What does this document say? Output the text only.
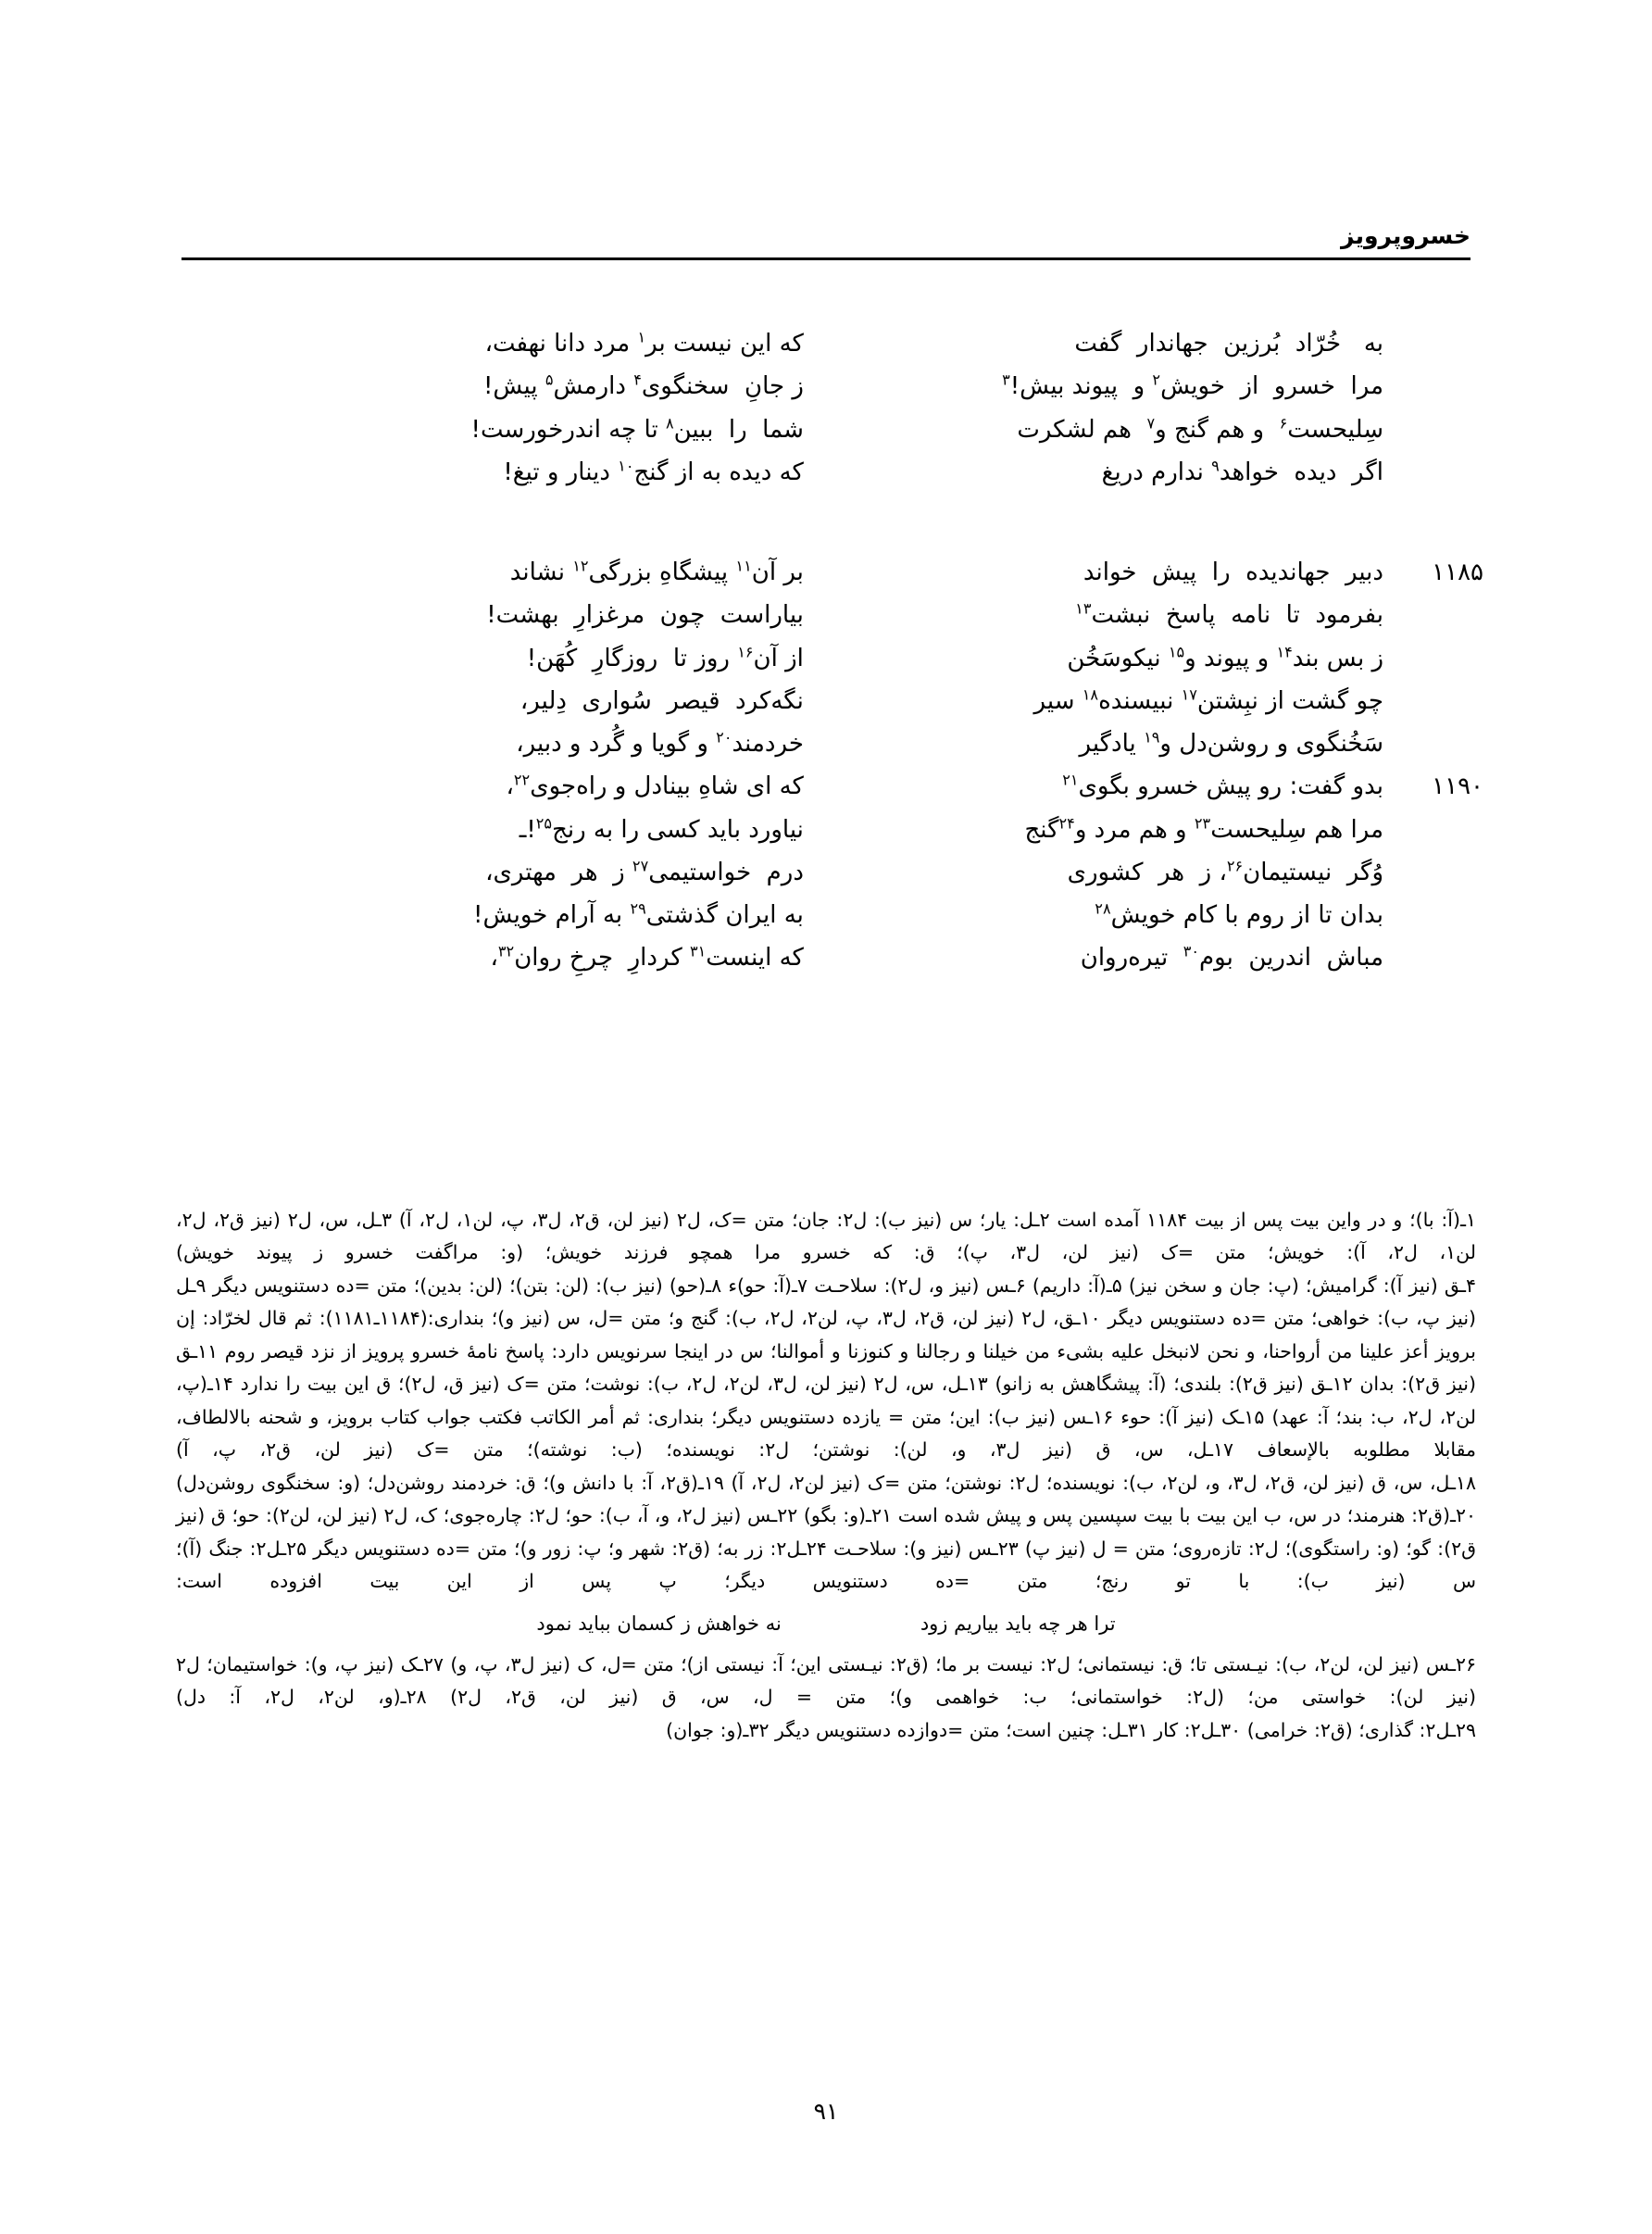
خسروپرویز
به   خُرّاد  بُرزین  جهاندار  گفت
مرا  خسرو  از  خویش$^۲$ و  پیوند بیش!$^۳$
سِلیحست$^۶$  و هم گنج و$^۷$  هم لشکرت
اگر  دیده  خواهد$^۹$ ندارم دریغ
که این نیست بر$^۱$ مرد دانا نهفت،
ز جانِ  سخنگوی$^۴$ دارمش$^۵$ پیش!
شما  را  ببین$^۸$ تا چه اندرخورست!
که دیده به از گنج$^{۱۰}$ دینار و تیغ!
۱۱۸۵
دبیر  جهاندیده  را  پیش  خواند
بفرمود  تا  نامه  پاسخ  نبشت$^{۱۳}$
ز بس بند$^{۱۴}$ و پیوند و$^{۱۵}$ نیکوسَخُن
چو گشت از نبِشتن$^{۱۷}$ نبیسنده$^{۱۸}$ سیر
سَخُنگوی و روشن‌دل و$^{۱۹}$ یادگیر
۱۱۹۰
بدو گفت: رو پیش خسرو بگوی$^{۲۱}$
مرا هم سِلیحست$^{۲۳}$ و هم مرد و$^{۲۴}$گنج
وُگر  نیستیمان$^{۲۶}$، ز  هر  کشوری
بدان تا از روم با کام خویش$^{۲۸}$
مباش  اندرین  بوم$^{۳۰}$  تیره‌روان
بر آن$^{۱۱}$ پیشگاهِ بزرگی$^{۱۲}$ نشاند
بیاراست  چون  مرغزارِ  بهشت!
از آن$^{۱۶}$ روز تا  روزگارِ  کُهَن!
نگه‌کرد  قیصر  سُواری  دِلیر،
خردمند$^{۲۰}$ و گویا و گُرد و دبیر،
که ای شاهِ بینادل و راه‌جوی$^{۲۲}$،
نیاورد باید کسی را به رنج$^{۲۵}$!ـ
درم  خواستیمی$^{۲۷}$ ز  هر  مهتری،
به ایران گذشتی$^{۲۹}$ به آرام خویش!
که اینست$^{۳۱}$ کردارِ  چرخِ روان$^{۳۲}$،

۱ـ(آ: با)؛ و در واین بیت پس از بیت ۱۱۸۴ آمده است ۲ـل: یار؛ س (نیز ب): ل۲: جان؛ متن =ک، ل۲ (نیز لن، ق۲، ل۳، پ، لن۱، ل۲، آ) ۳ـل، س، ل۲ (نیز ق۲، ل۲، لن۱، ل۲، آ): خویش؛ متن =ک (نیز لن، ل۳، پ)؛ ق: که خسرو مرا همچو فرزند خویش؛ (و: مراگفت خسرو ز پیوند خویش)

۴ـق (نیز آ): گرامیش؛ (پ: جان و سخن نیز) ۵ـ(آ: داریم) ۶ـس (نیز و، ل۲): سلاحـت ۷ـ(آ: حو)ء ۸ـ(حو) (نیز ب): (لن: بتن)؛ (لن: بدین)؛ متن =ده دستنویس دیگر ۹ـل (نیز پ، ب): خواهی؛ متن =ده دستنویس دیگر ۱۰ـق، ل۲ (نیز لن، ق۲، ل۳، پ، لن۲، ل۲، ب): گنج و؛ متن =ل، س (نیز و)؛ بنداری:(۱۱۸۴ـ۱۱۸۱): ثم قال لخرّاد: إن برویز أعز علینا من أرواحنا، و نحن لانبخل علیه بشیء من خیلنا و رجالنا و کنوزنا و أموالنا؛ س در اینجا سرنویس دارد: پاسخ نامهٔ خسرو پرویز از نزد قیصر روم ۱۱ـق (نیز ق۲): بدان ۱۲ـق (نیز ق۲): بلندی؛ (آ: پیشگاهش به زانو) ۱۳ـل، س، ل۲ (نیز لن، ل۳، لن۲، ل۲، ب): نوشت؛ متن =ک (نیز ق، ل۲)؛ ق این بیت را ندارد ۱۴ـ(پ، لن۲، ل۲، ب: بند؛ آ: عهد) ۱۵ـک (نیز آ): حوء ۱۶ـس (نیز ب): این؛ متن = یازده دستنویس دیگر؛ بنداری: ثم أمر الکاتب فکتب جواب کتاب برویز، و شحنه بالالطاف، مقابلا مطلوبه بالإسعاف ۱۷ـل، س، ق (نیز ل۳، و، لن): نوشتن؛ ل۲: نویسنده؛ (ب: نوشته)؛ متن =ک (نیز لن، ق۲، پ، آ)

۱۸ـل، س، ق (نیز لن، ق۲، ل۳، و، لن۲، ب): نویسنده؛ ل۲: نوشتن؛ متن =ک (نیز لن۲، ل۲، آ) ۱۹ـ(ق۲، آ: با دانش و)؛ ق: خردمند روشن‌دل؛ (و: سخنگوی روشن‌دل) ۲۰ـ(ق۲: هنرمند؛ در س، ب این بیت با بیت سپسین پس و پیش شده است ۲۱ـ(و: بگو) ۲۲ـس (نیز ل۲، و، آ، ب): حو؛ ل۲: چاره‌جوی؛ ک، ل۲ (نیز لن، لن۲): حو؛ ق (نیز ق۲): گو؛ (و: راستگوی)؛ ل۲: تازه‌روی؛ متن = ل (نیز پ) ۲۳ـس (نیز و): سلاحـت ۲۴ـل۲: زر به؛ (ق۲: شهر و؛ پ: زور و)؛ متن =ده دستنویس دیگر ۲۵ـل۲: جنگ (آ)؛ س (نیز ب): با تو رنج؛ متن =ده دستنویس دیگر؛ پ پس از این بیت افزوده است:

ترا هر چه باید بیاریم زود
نه خواهش ز کسمان بباید نمود

۲۶ـس (نیز لن، لن۲، ب): نیـستی تا؛ ق: نیستمانی؛ ل۲: نیست بر ما؛ (ق۲: نیـستی این؛ آ: نیستی از)؛ متن =ل، ک (نیز ل۳، پ، و) ۲۷ـک (نیز پ، و): خواستیمان؛ ل۲ (نیز لن): خواستی من؛ (ل۲: خواستمانی؛ ب: خواهمی و)؛ متن = ل، س، ق (نیز لن، ق۲، ل۲) ۲۸ـ(و، لن۲، ل۲، آ: دل)

۲۹ـل۲: گذاری؛ (ق۲: خرامی) ۳۰ـل۲: کار ۳۱ـل: چنین است؛ متن =دوازده دستنویس دیگر ۳۲ـ(و: جوان)

۹۱
